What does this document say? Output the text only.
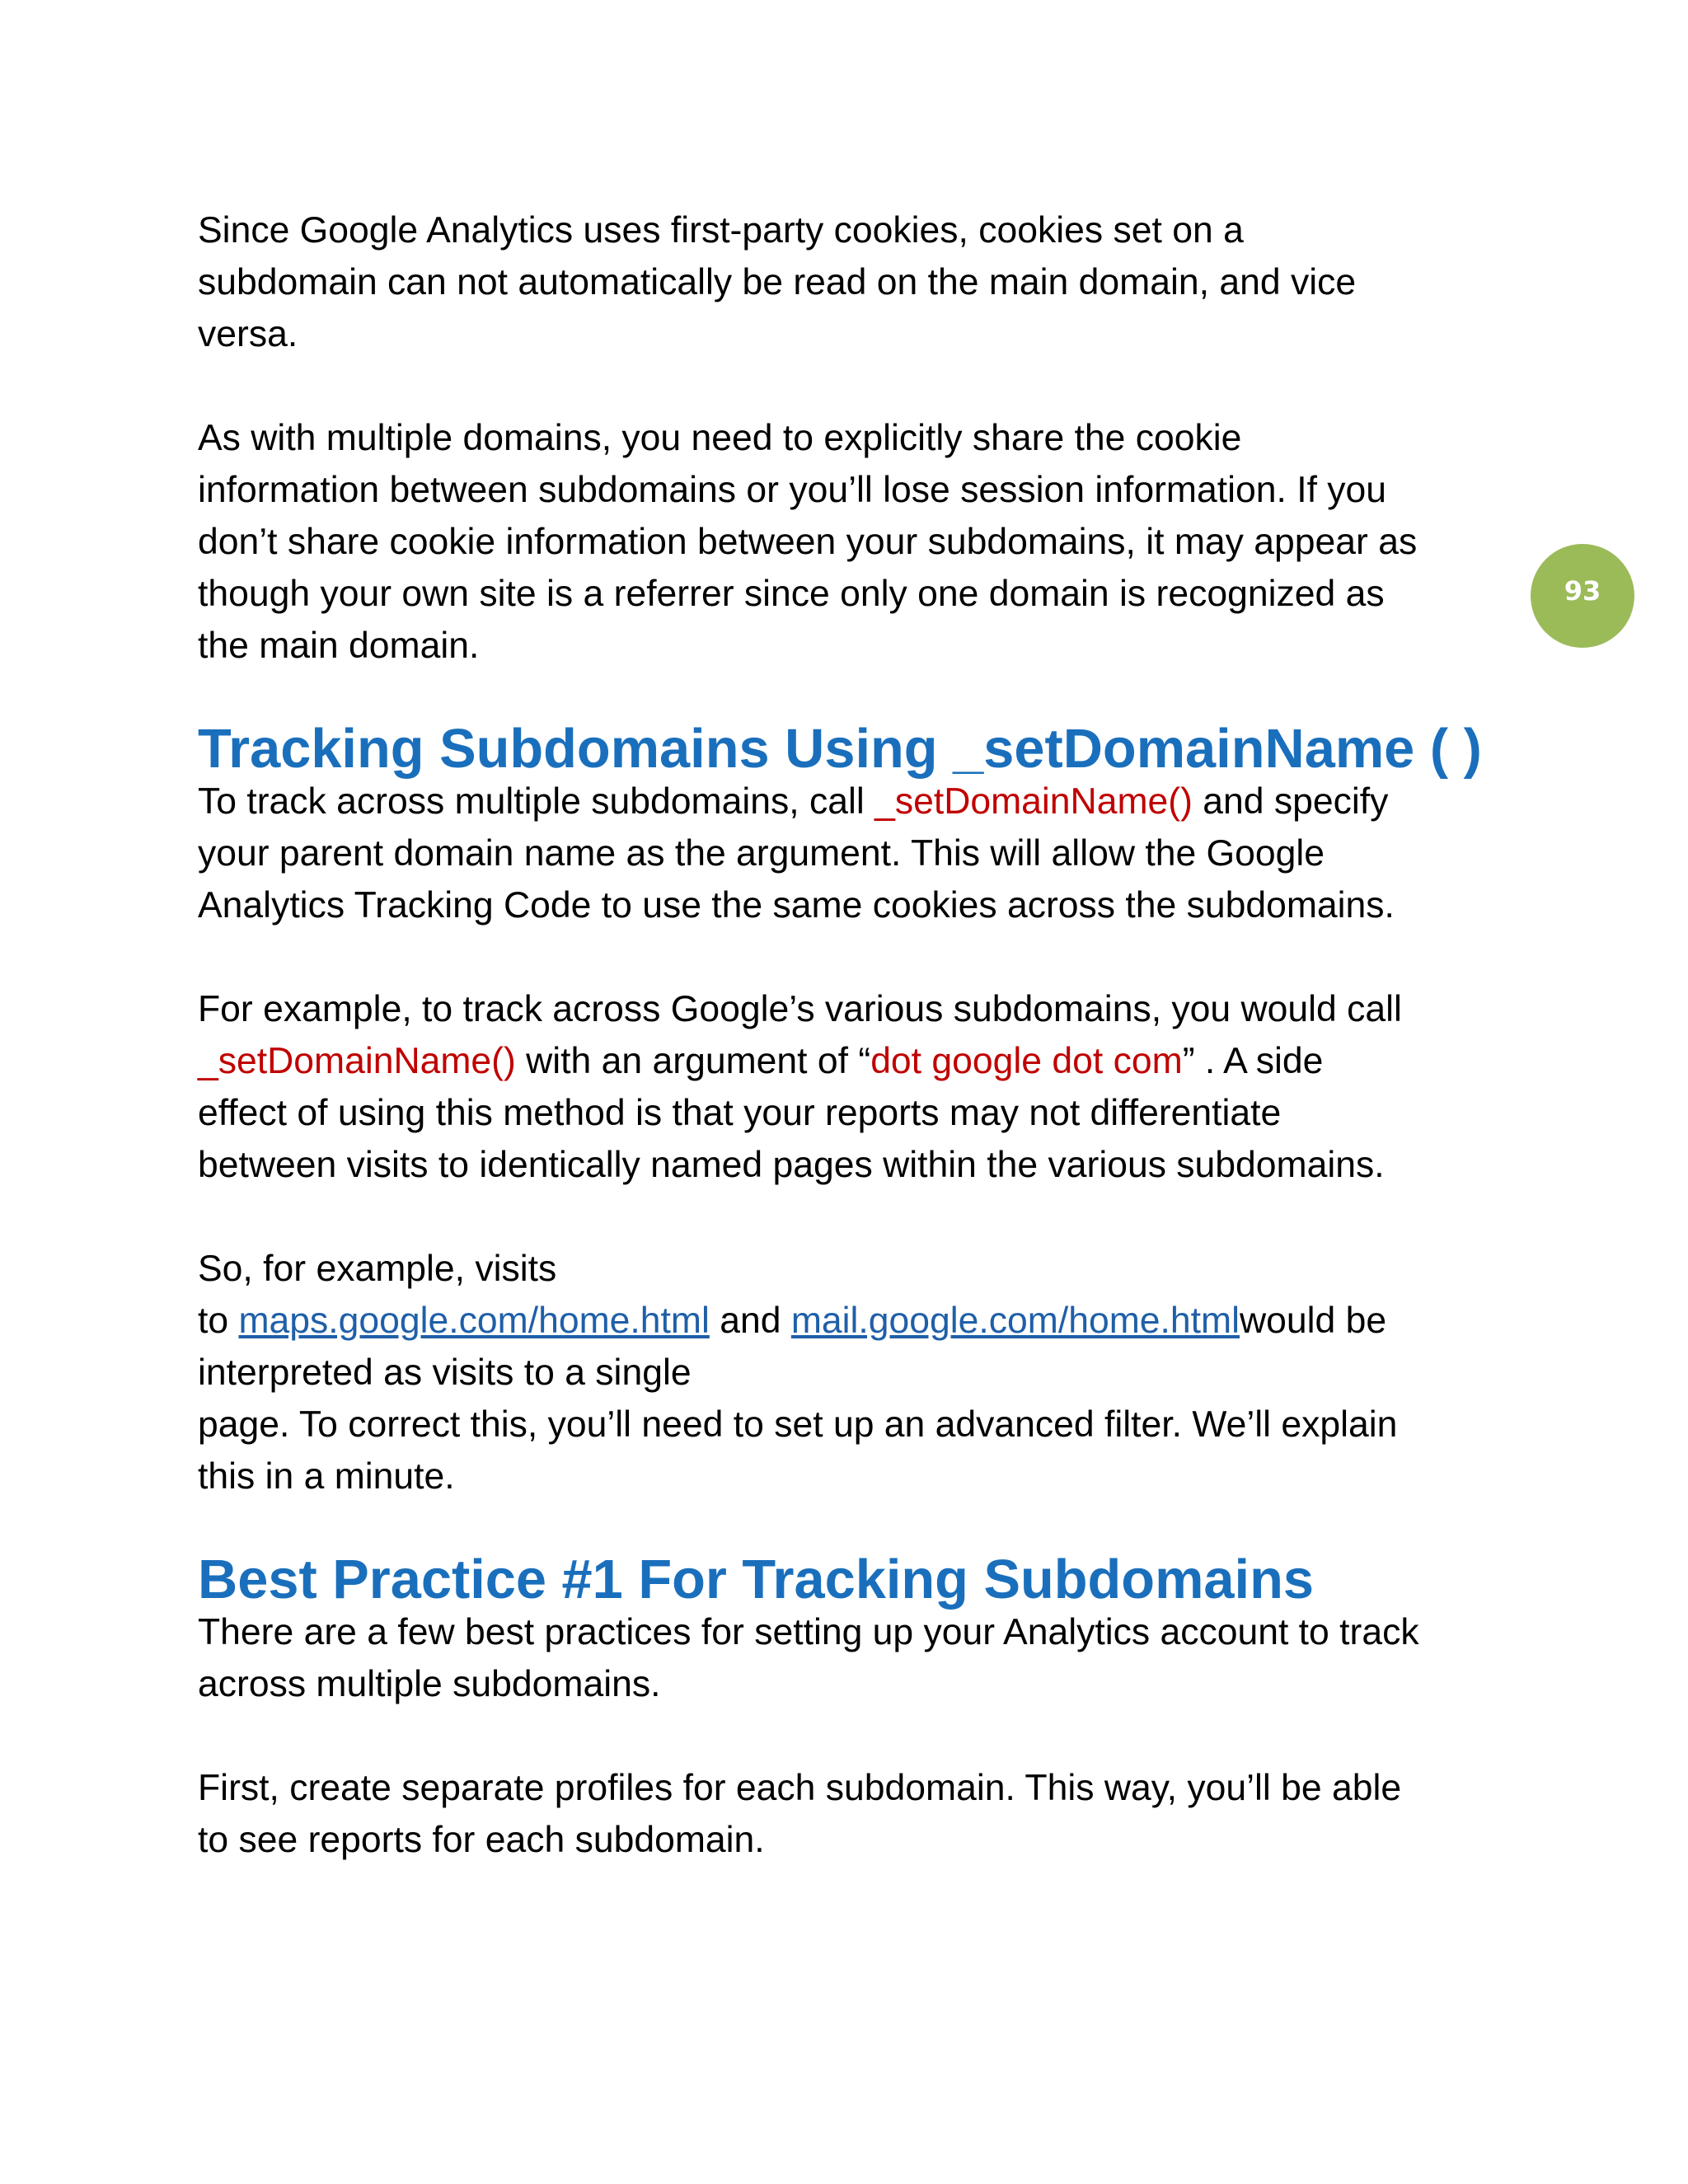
93

Since Google Analytics uses first-party cookies, cookies set on a
subdomain can not automatically be read on the main domain, and vice
versa.

As with multiple domains, you need to explicitly share the cookie
information between subdomains or you’ll lose session information. If you
don’t share cookie information between your subdomains, it may appear as
though your own site is a referrer since only one domain is recognized as
the main domain.

Tracking Subdomains Using _setDomainName ( )

To track across multiple subdomains, call _setDomainName() and specify
your parent domain name as the argument. This will allow the Google
Analytics Tracking Code to use the same cookies across the subdomains.

For example, to track across Google’s various subdomains, you would call
_setDomainName() with an argument of “dot google dot com” . A side
effect of using this method is that your reports may not differentiate
between visits to identically named pages within the various subdomains.

So, for example, visits
to maps.google.com/home.html and mail.google.com/home.htmlwould be
interpreted as visits to a single
page. To correct this, you’ll need to set up an advanced filter. We’ll explain
this in a minute.

Best Practice #1 For Tracking Subdomains

There are a few best practices for setting up your Analytics account to track
across multiple subdomains.

First, create separate profiles for each subdomain. This way, you’ll be able
to see reports for each subdomain.
